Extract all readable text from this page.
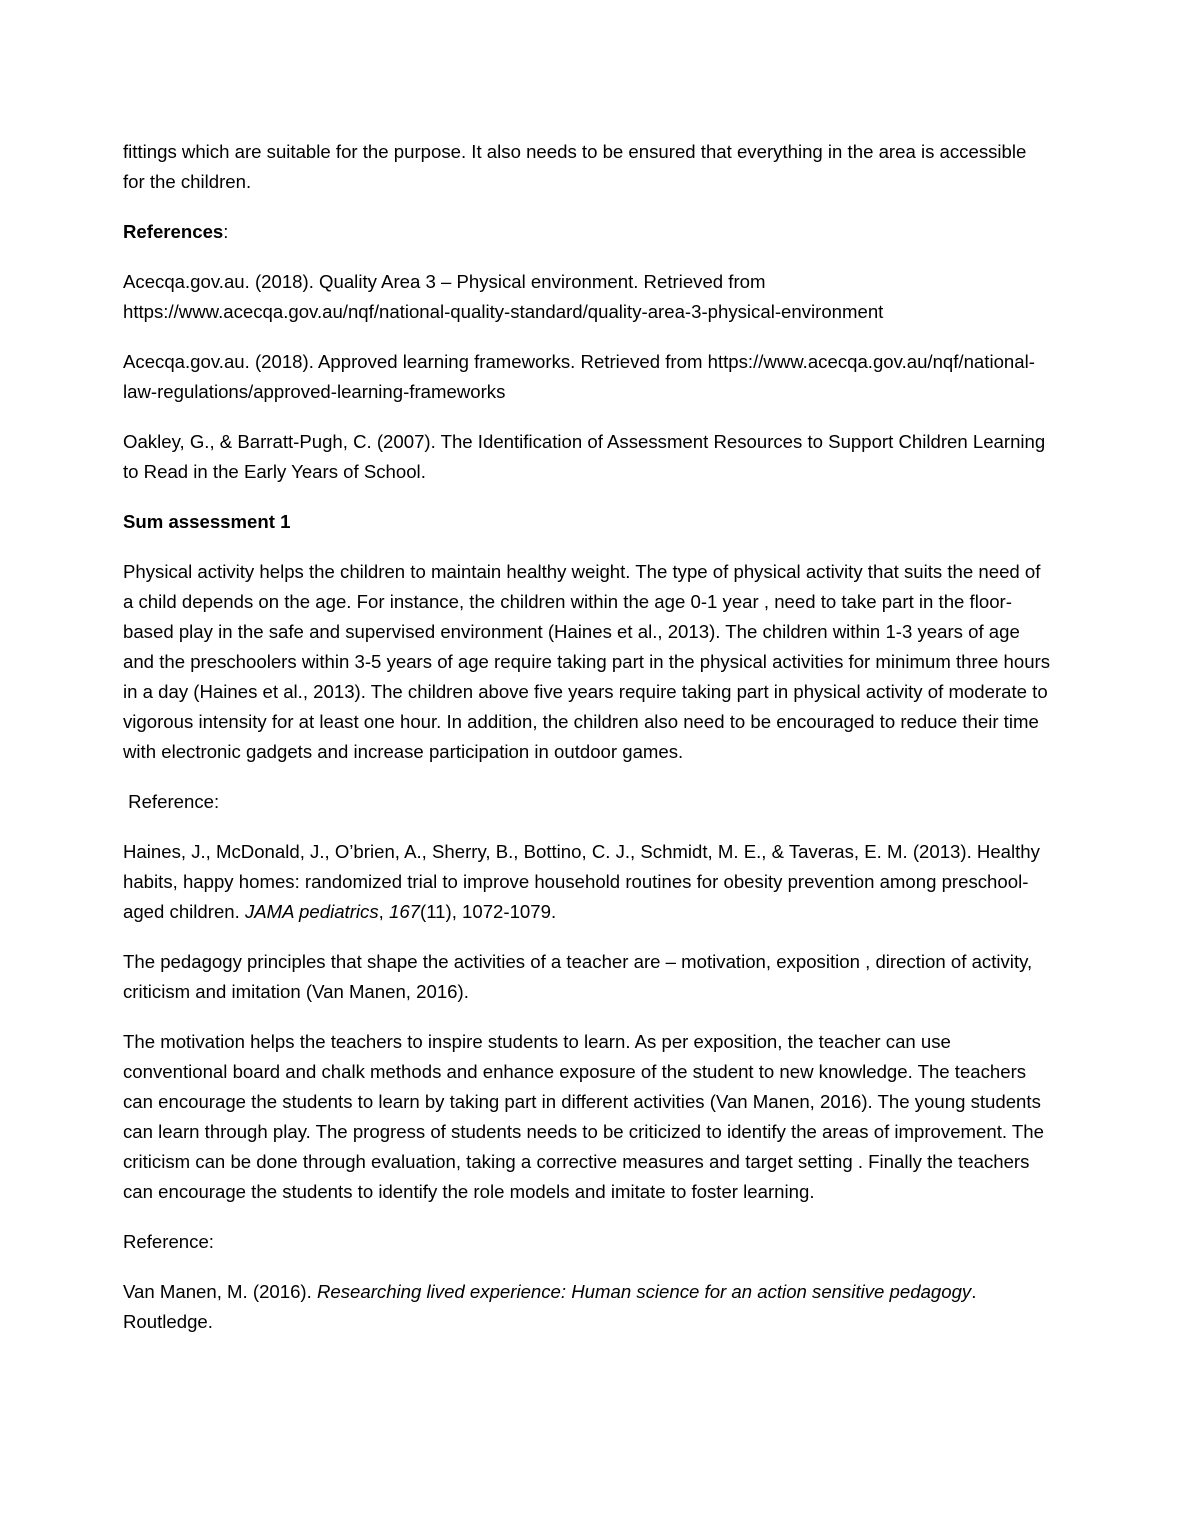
fittings which are suitable for the purpose. It also needs to be ensured that everything in the area is accessible for the children.

References:

Acecqa.gov.au. (2018). Quality Area 3 – Physical environment. Retrieved from https://www.acecqa.gov.au/nqf/national-quality-standard/quality-area-3-physical-environment

Acecqa.gov.au. (2018). Approved learning frameworks. Retrieved from https://www.acecqa.gov.au/nqf/national-law-regulations/approved-learning-frameworks

Oakley, G., & Barratt-Pugh, C. (2007). The Identification of Assessment Resources to Support Children Learning to Read in the Early Years of School.

Sum assessment 1

Physical activity helps the children to maintain healthy weight. The type of physical activity that suits the need of a child depends on the age. For instance, the children within the age 0-1 year , need to take part in the floor-based play in the safe and supervised environment (Haines et al., 2013). The children within 1-3 years of age and the preschoolers within 3-5 years of age require taking part in the physical activities for minimum three hours in a day (Haines et al., 2013). The children above five years require taking part in physical activity of moderate to vigorous intensity for at least one hour. In addition, the children also need to be encouraged to reduce their time with electronic gadgets and increase participation in outdoor games.

Reference:

Haines, J., McDonald, J., O’brien, A., Sherry, B., Bottino, C. J., Schmidt, M. E., & Taveras, E. M. (2013). Healthy habits, happy homes: randomized trial to improve household routines for obesity prevention among preschool-aged children. JAMA pediatrics, 167(11), 1072-1079.

The pedagogy principles that shape the activities of a teacher are – motivation, exposition , direction of activity, criticism and imitation (Van Manen, 2016).

The motivation helps the teachers to inspire students to learn. As per exposition, the teacher can use conventional board and chalk methods and enhance exposure of the student to new knowledge. The teachers can encourage the students to learn by taking part in different activities (Van Manen, 2016). The young students can learn through play. The progress of students needs to be criticized to identify the areas of improvement. The criticism can be done through evaluation, taking a corrective measures and target setting . Finally the teachers can encourage the students to identify the role models and imitate to foster learning.

Reference:

Van Manen, M. (2016). Researching lived experience: Human science for an action sensitive pedagogy. Routledge.
